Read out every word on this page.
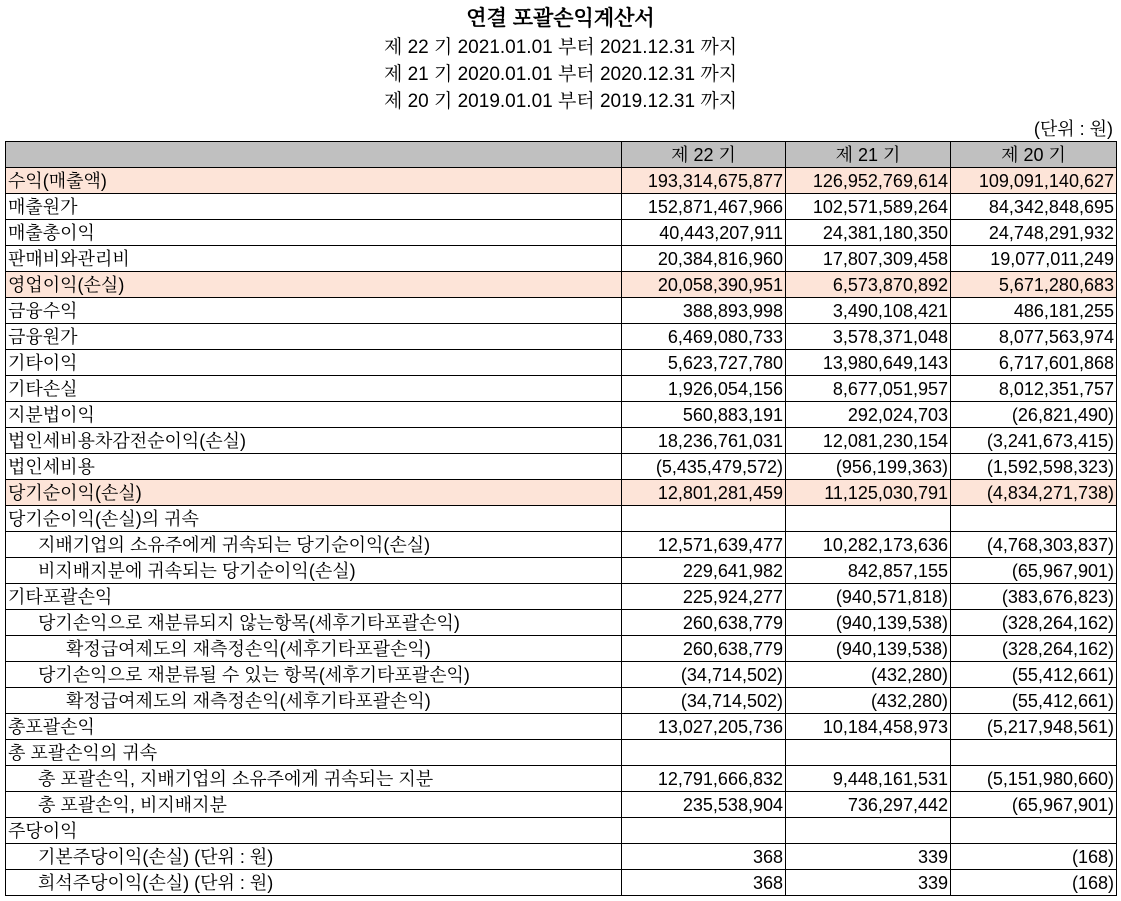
연결 포괄손익계산서
제 22 기 2021.01.01 부터 2021.12.31 까지
제 21 기 2020.01.01 부터 2020.12.31 까지
제 20 기 2019.01.01 부터 2019.12.31 까지
(단위 : 원)
	제 22 기	제 21 기	제 20 기
수익(매출액)	193,314,675,877	126,952,769,614	109,091,140,627
매출원가	152,871,467,966	102,571,589,264	84,342,848,695
매출총이익	40,443,207,911	24,381,180,350	24,748,291,932
판매비와관리비	20,384,816,960	17,807,309,458	19,077,011,249
영업이익(손실)	20,058,390,951	6,573,870,892	5,671,280,683
금융수익	388,893,998	3,490,108,421	486,181,255
금융원가	6,469,080,733	3,578,371,048	8,077,563,974
기타이익	5,623,727,780	13,980,649,143	6,717,601,868
기타손실	1,926,054,156	8,677,051,957	8,012,351,757
지분법이익	560,883,191	292,024,703	(26,821,490)
법인세비용차감전순이익(손실)	18,236,761,031	12,081,230,154	(3,241,673,415)
법인세비용	(5,435,479,572)	(956,199,363)	(1,592,598,323)
당기순이익(손실)	12,801,281,459	11,125,030,791	(4,834,271,738)
당기순이익(손실)의 귀속			
지배기업의 소유주에게 귀속되는 당기순이익(손실)	12,571,639,477	10,282,173,636	(4,768,303,837)
비지배지분에 귀속되는 당기순이익(손실)	229,641,982	842,857,155	(65,967,901)
기타포괄손익	225,924,277	(940,571,818)	(383,676,823)
당기손익으로 재분류되지 않는항목(세후기타포괄손익)	260,638,779	(940,139,538)	(328,264,162)
확정급여제도의 재측정손익(세후기타포괄손익)	260,638,779	(940,139,538)	(328,264,162)
당기손익으로 재분류될 수 있는 항목(세후기타포괄손익)	(34,714,502)	(432,280)	(55,412,661)
확정급여제도의 재측정손익(세후기타포괄손익)	(34,714,502)	(432,280)	(55,412,661)
총포괄손익	13,027,205,736	10,184,458,973	(5,217,948,561)
총 포괄손익의 귀속			
총 포괄손익, 지배기업의 소유주에게 귀속되는 지분	12,791,666,832	9,448,161,531	(5,151,980,660)
총 포괄손익, 비지배지분	235,538,904	736,297,442	(65,967,901)
주당이익			
기본주당이익(손실) (단위 : 원)	368	339	(168)
희석주당이익(손실) (단위 : 원)	368	339	(168)
